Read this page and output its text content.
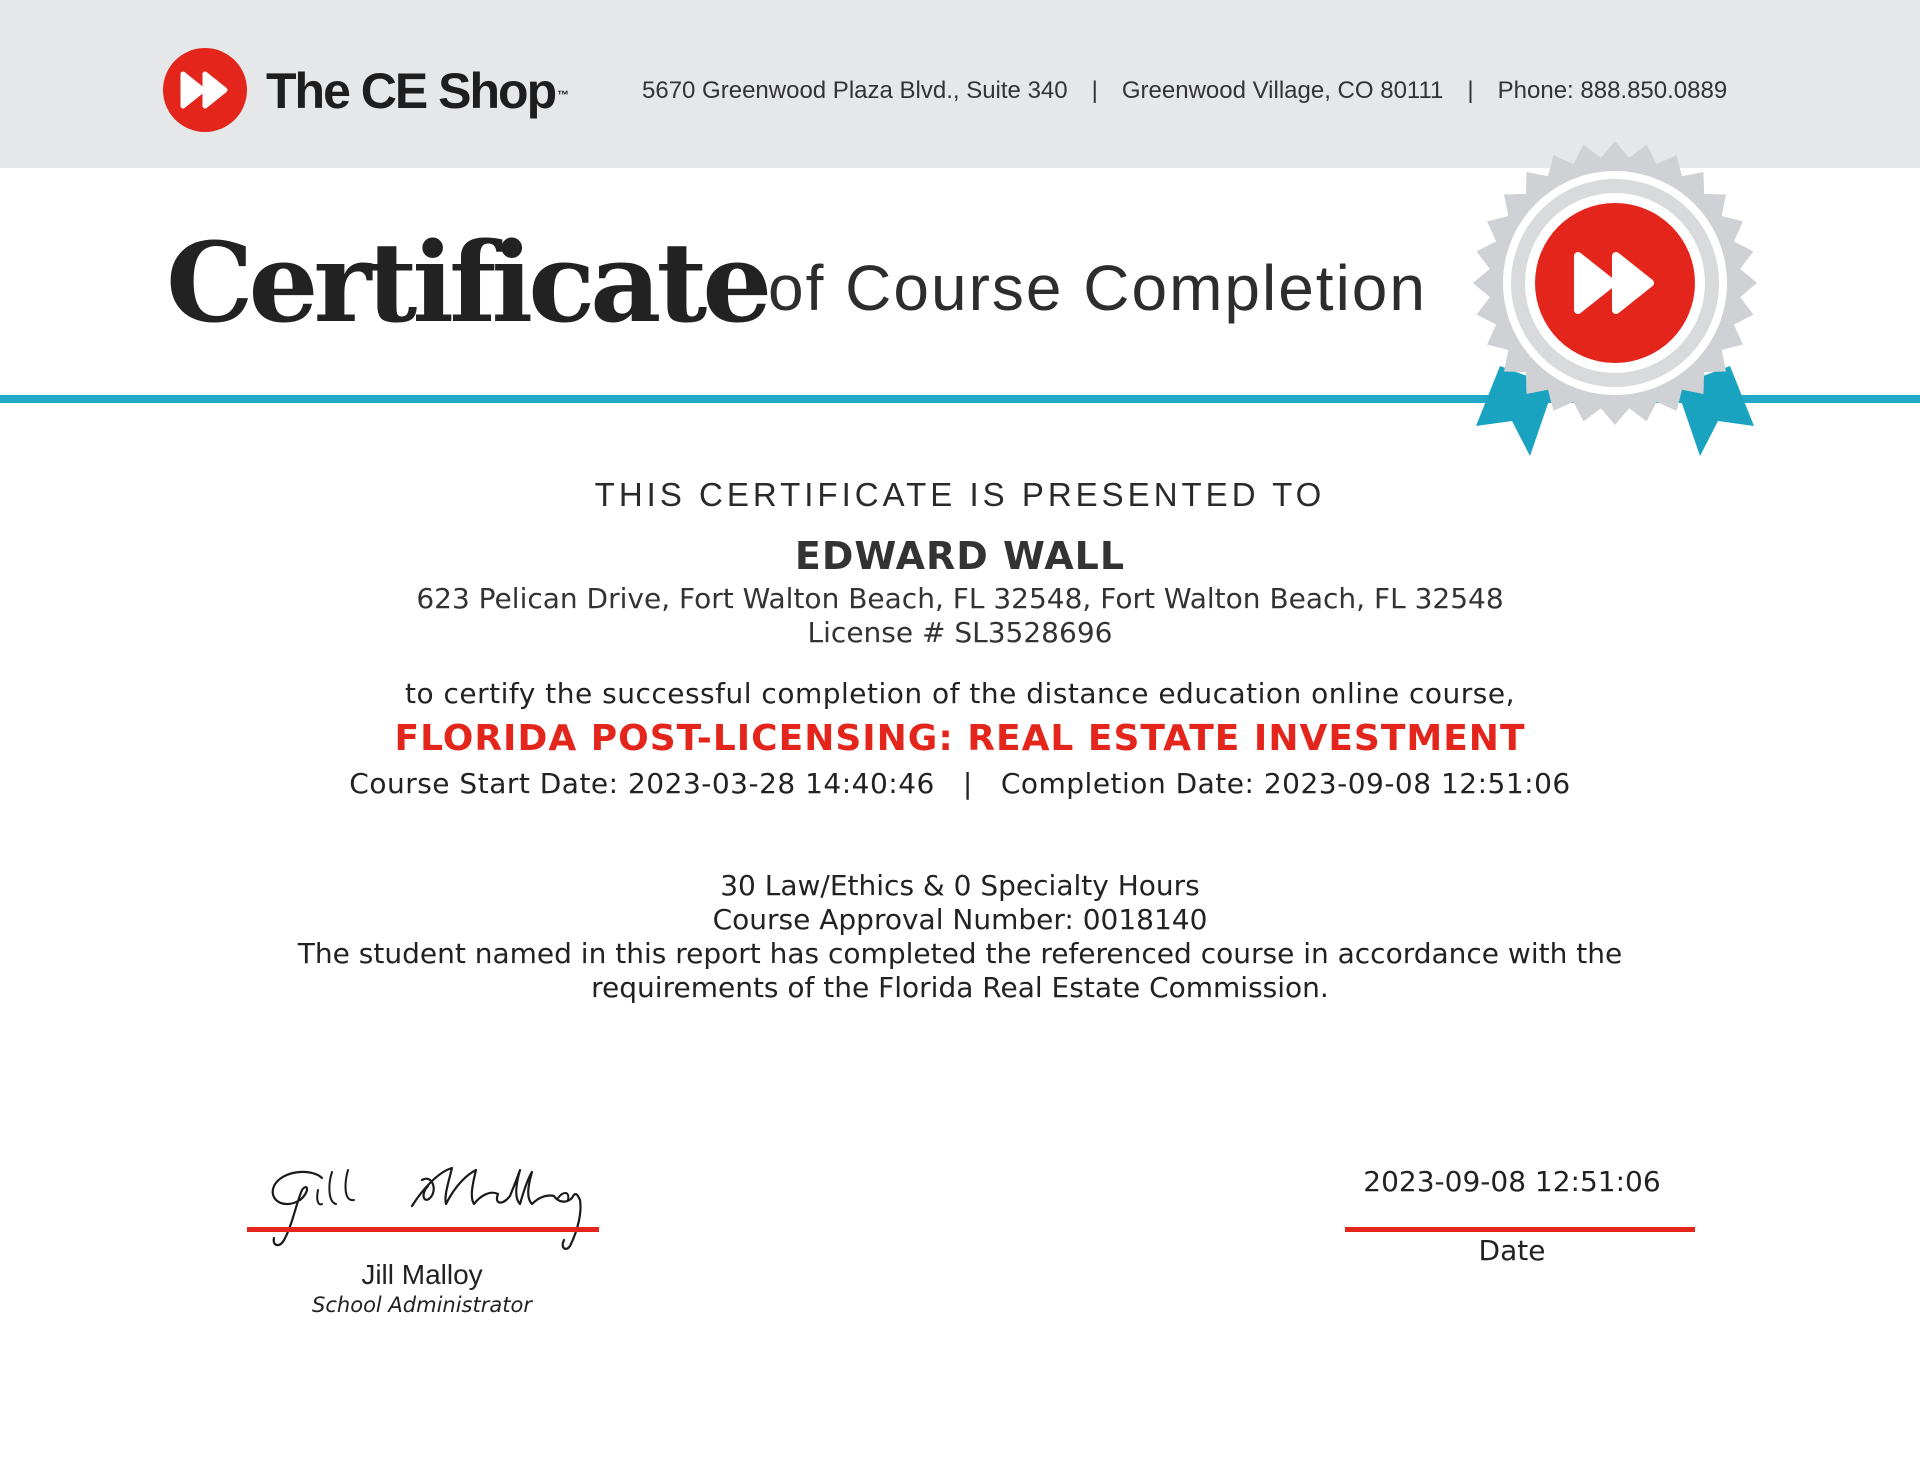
The CE Shop ™	5670 Greenwood Plaza Blvd., Suite 340 | Greenwood Village, CO 80111 | Phone: 888.850.0889
Certificate of Course Completion
THIS CERTIFICATE IS PRESENTED TO
EDWARD WALL
623 Pelican Drive, Fort Walton Beach, FL 32548, Fort Walton Beach, FL 32548
License # SL3528696
to certify the successful completion of the distance education online course,
FLORIDA POST-LICENSING: REAL ESTATE INVESTMENT
Course Start Date: 2023-03-28 14:40:46 | Completion Date: 2023-09-08 12:51:06
30 Law/Ethics & 0 Specialty Hours
Course Approval Number: 0018140
The student named in this report has completed the referenced course in accordance with the requirements of the Florida Real Estate Commission.
Jill Malloy
School Administrator
2023-09-08 12:51:06
Date
